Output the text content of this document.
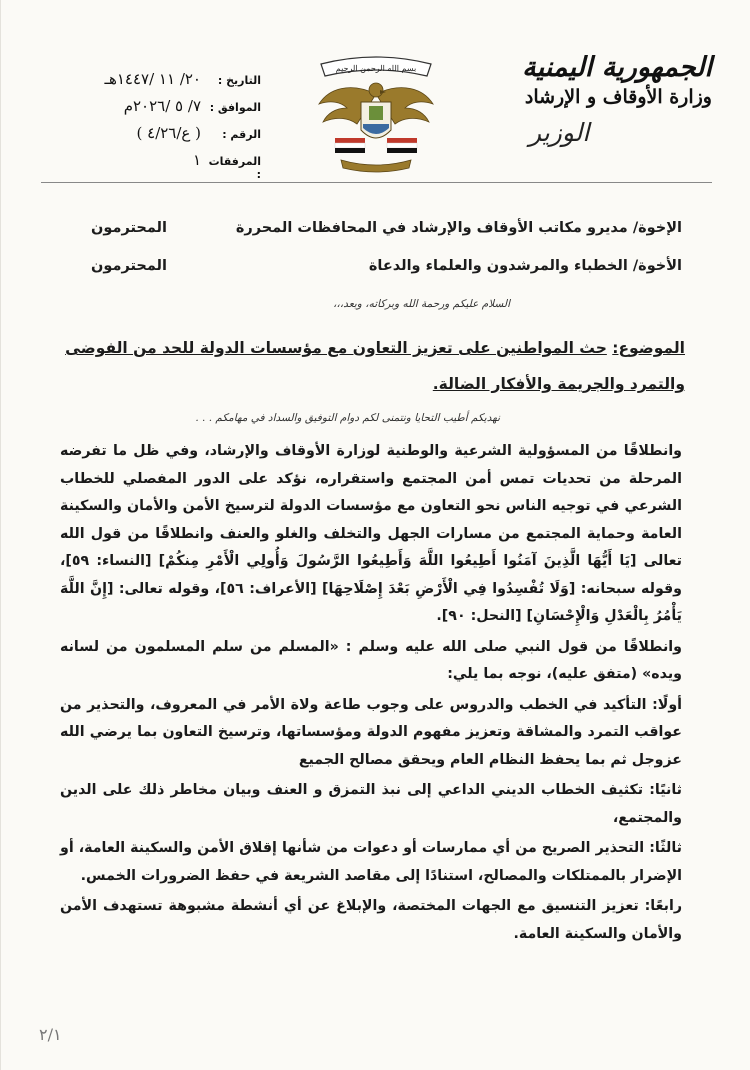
الجمهورية اليمنية
وزارة الأوقاف و الإرشاد
الوزير
بسم الله الرحمن الرحيم
التاريخ :
٢٠/ ١١ /١٤٤٧هـ
الموافق :
٧/ ٥ /٢٠٢٦م
الرقم :
( ع/٤/٢٦ )
المرفقات :
١
الإخوة/ مديرو مكاتب الأوقاف والإرشاد في المحافظات المحررة
المحترمون
الأخوة/ الخطباء والمرشدون والعلماء والدعاة
المحترمون
السلام عليكم ورحمة الله وبركاته، وبعد،،،
الموضوع: حث المواطنين على تعزيز التعاون مع مؤسسات الدولة للحد من الفوضى والتمرد والجريمة والأفكار الضالة.
نهديكم أطيب التحايا ونتمنى لكم دوام التوفيق والسداد في مهامكم . . .

وانطلاقًا من المسؤولية الشرعية والوطنية لوزارة الأوقاف والإرشاد، وفي ظل ما تفرضه المرحلة من تحديات تمس أمن المجتمع واستقراره، نؤكد على الدور المفصلي للخطاب الشرعي في توجيه الناس نحو التعاون مع مؤسسات الدولة لترسيخ الأمن والأمان والسكينة العامة وحماية المجتمع من مسارات الجهل والتخلف والغلو والعنف وانطلاقًا من قول الله تعالى [يَا أَيُّهَا الَّذِينَ آمَنُوا أَطِيعُوا اللَّهَ وَأَطِيعُوا الرَّسُولَ وَأُولِي الْأَمْرِ مِنكُمْ] [النساء: ٥٩]، وقوله سبحانه: [وَلَا تُفْسِدُوا فِي الْأَرْضِ بَعْدَ إِصْلَاحِهَا] [الأعراف: ٥٦]، وقوله تعالى: [إِنَّ اللَّهَ يَأْمُرُ بِالْعَدْلِ وَالْإِحْسَانِ] [النحل: ٩٠].

وانطلاقًا من قول النبي صلى الله عليه وسلم : «المسلم من سلم المسلمون من لسانه ويده» (متفق عليه)، نوجه بما يلي:

أولًا: التأكيد في الخطب والدروس على وجوب طاعة ولاة الأمر في المعروف، والتحذير من عواقب التمرد والمشاقة وتعزيز مفهوم الدولة ومؤسساتها، وترسيخ التعاون بما يرضي الله عزوجل ثم بما يحفظ النظام العام ويحقق مصالح الجميع

ثانيًا: تكثيف الخطاب الديني الداعي إلى نبذ التمزق و العنف وبيان مخاطر ذلك على الدين والمجتمع،

ثالثًا: التحذير الصريح من أي ممارسات أو دعوات من شأنها إقلاق الأمن والسكينة العامة، أو الإضرار بالممتلكات والمصالح، استنادًا إلى مقاصد الشريعة في حفظ الضرورات الخمس.

رابعًا: تعزيز التنسيق مع الجهات المختصة، والإبلاغ عن أي أنشطة مشبوهة تستهدف الأمن والأمان والسكينة العامة.

٢/١
